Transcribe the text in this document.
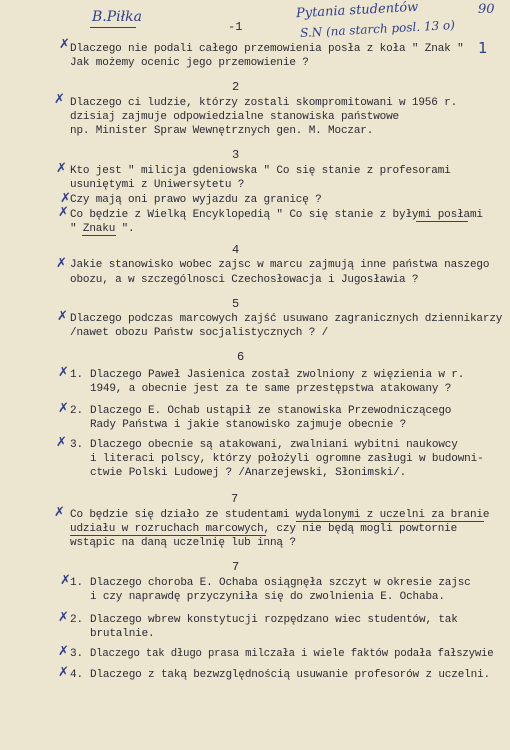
B.Piłka	Pytania studentów	90
S.N (na starch posl. 13 o)
-1
✗ Dlaczego nie podali całego przemowienia posła z koła " Znak "
Jak możemy ocenic jego przemowienie ?
1
2
✗ Dlaczego ci ludzie, którzy zostali skompromitowani w 1956 r.
dzisiaj zajmuje odpowiedzialne stanowiska państwowe
np. Minister Spraw Wewnętrznych gen. M. Moczar.
3
✗ Kto jest " milicja gdeniowska " Co się stanie z profesorami
usuniętymi z Uniwersytetu ?
✗ Czy mają oni prawo wyjazdu za granicę ?
✗ Co będzie z Wielką Encyklopedią " Co się stanie z byłymi posłami
" Znaku ".
4
✗ Jakie stanowisko wobec zajsc w marcu zajmują inne państwa naszego
obozu, a w szczególnosci Czechosłowacja i Jugosławia ?
5
✗ Dlaczego podczas marcowych zajść usuwano zagranicznych dziennikarzy
/nawet obozu Państw socjalistycznych ? /
6
✗ 1. Dlaczego Paweł Jasienica został zwolniony z więzienia w r.
1949, a obecnie jest za te same przestępstwa atakowany ?
✗ 2. Dlaczego E. Ochab ustąpił ze stanowiska Przewodniczącego
Rady Państwa i jakie stanowisko zajmuje obecnie ?
✗ 3. Dlaczego obecnie są atakowani, zwalniani wybitni naukowcy
i literaci polscy, którzy położyli ogromne zasługi w budowni-
ctwie Polski Ludowej ? /Anarzejewski, Słonimski/.
7
✗ Co będzie się działo ze studentami wydalonymi z uczelni za branie
udziału w rozruchach marcowych, czy nie będą mogli powtornie
wstąpic na daną uczelnię lub inną ?
7
✗ 1. Dlaczego choroba E. Ochaba osiągnęła szczyt w okresie zajsc
i czy naprawdę przyczyniła się do zwolnienia E. Ochaba.
✗ 2. Dlaczego wbrew konstytucji rozpędzano wiec studentów, tak
brutalnie.
✗ 3. Dlaczego tak długo prasa milczała i wiele faktów podała fałszywie
✗ 4. Dlaczego z taką bezwzględnością usuwanie profesorów z uczelni.
